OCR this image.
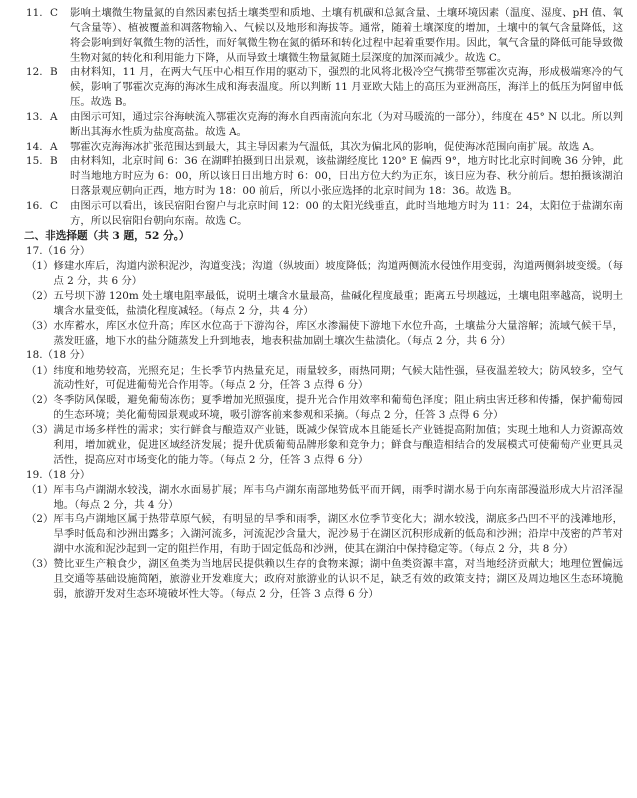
11. C	影响土壤微生物量氮的自然因素包括土壤类型和质地、土壤有机碳和总氮含量、土壤环境因素（温度、湿度、pH 值、氧气含量等）、植被覆盖和凋落物输入、气候以及地形和海拔等。通常，随着土壤深度的增加，土壤中的氧气含量降低，这将会影响到好氧微生物的活性，而好氧微生物在氮的循环和转化过程中起着重要作用。因此，氧气含量的降低可能导致微生物对氮的转化和利用能力下降，从而导致土壤微生物量氮随土层深度的加深而减少。故选 C。
12. B	由材料知，11 月，在两大气压中心相互作用的驱动下，强烈的北风将北极冷空气携带至鄂霍次克海，形成极端寒冷的气候，影响了鄂霍次克海的海冰生成和海表温度。所以判断 11 月亚欧大陆上的高压为亚洲高压，海洋上的低压为阿留申低压。故选 B。
13. A	由图示可知，通过宗谷海峡流入鄂霍次克海的海水自西南流向东北（为对马暖流的一部分），纬度在 45° N 以北。所以判断出其海水性质为盐度高盐。故选 A。
14. A	鄂霍次克海海冰扩张范围达到最大，其主导因素为气温低，其次为偏北风的影响，促使海冰范围向南扩展。故选 A。
15. B	由材料知，北京时间 6：36 在湖畔拍摄到日出景观，该盐湖经度比 120° E 偏西 9°，地方时比北京时间晚 36 分钟，此时当地地方时应为 6：00，所以该日日出地方时 6：00，日出方位大约为正东，该日应为春、秋分前后。想拍摄该湖泊日落景观应朝向正西，地方时为 18：00 前后，所以小张应选择的北京时间为 18：36。故选 B。
16. C	由图示可以看出，该民宿阳台窗户与北京时间 12：00 的太阳光线垂直，此时当地地方时为 11：24，太阳位于盐湖东南方，所以民宿阳台朝向东南。故选 C。
二、非选择题（共 3 题，52 分。）
17.（16 分）
（1） 修建水库后，沟道内淤积泥沙，沟道变浅；沟道（纵坡面）坡度降低；沟道两侧流水侵蚀作用变弱，沟道两侧斜坡变缓。（每点 2 分，共 6 分）
（2） 五号坝下游 120m 处土壤电阻率最低，说明土壤含水量最高，盐碱化程度最重；距离五号坝越远，土壤电阻率越高，说明土壤含水量变低，盐渍化程度减轻。（每点 2 分，共 4 分）
（3） 水库蓄水，库区水位升高；库区水位高于下游沟谷，库区水渗漏使下游地下水位升高，土壤盐分大量溶解；流域气候干旱，蒸发旺盛，地下水的盐分随蒸发上升到地表，地表积盐加剧土壤次生盐渍化。（每点 2 分，共 6 分）
18.（18 分）
（1） 纬度和地势较高，光照充足；生长季节内热量充足，雨量较多，雨热同期；气候大陆性强，昼夜温差较大；防风较多，空气流动性好，可促进葡萄光合作用等。（每点 2 分，任答 3 点得 6 分）
（2） 冬季防风保暖，避免葡萄冻伤；夏季增加光照强度，提升光合作用效率和葡萄色泽度；阻止病虫害迁移和传播，保护葡萄园的生态环境；美化葡萄园景观或环境，吸引游客前来参观和采摘。（每点 2 分，任答 3 点得 6 分）
（3） 满足市场多样性的需求；实行鲜食与酿造双产业链，既减少保管成本且能延长产业链提高附加值；实现土地和人力资源高效利用，增加就业，促进区域经济发展；提升优质葡萄品牌形象和竞争力；鲜食与酿造相结合的发展模式可使葡萄产业更具灵活性，提高应对市场变化的能力等。（每点 2 分，任答 3 点得 6 分）
19.（18 分）
（1） 厍韦乌卢湖湖水较浅，湖水水面易扩展；厍韦乌卢湖东南部地势低平而开阔，雨季时湖水易于向东南部漫溢形成大片沼泽湿地。（每点 2 分，共 4 分）
（2） 厍韦乌卢湖地区属于热带草原气候，有明显的旱季和雨季，湖区水位季节变化大；湖水较浅，湖底多凸凹不平的浅滩地形，旱季时低岛和沙洲出露多；入湖河流多，河流泥沙含量大，泥沙易于在湖区沉积形成新的低岛和沙洲；沿岸中茂密的芦苇对湖中水流和泥沙起到一定的阻拦作用，有助于固定低岛和沙洲，使其在湖泊中保持稳定等。（每点 2 分，共 8 分）
（3） 赞比亚生产粮食少，湖区鱼类为当地居民提供赖以生存的食物来源；湖中鱼类资源丰富，对当地经济贡献大；地理位置偏远且交通等基础设施简陋，旅游业开发难度大；政府对旅游业的认识不足，缺乏有效的政策支持；湖区及周边地区生态环境脆弱，旅游开发对生态环境破坏性大等。（每点 2 分，任答 3 点得 6 分）
